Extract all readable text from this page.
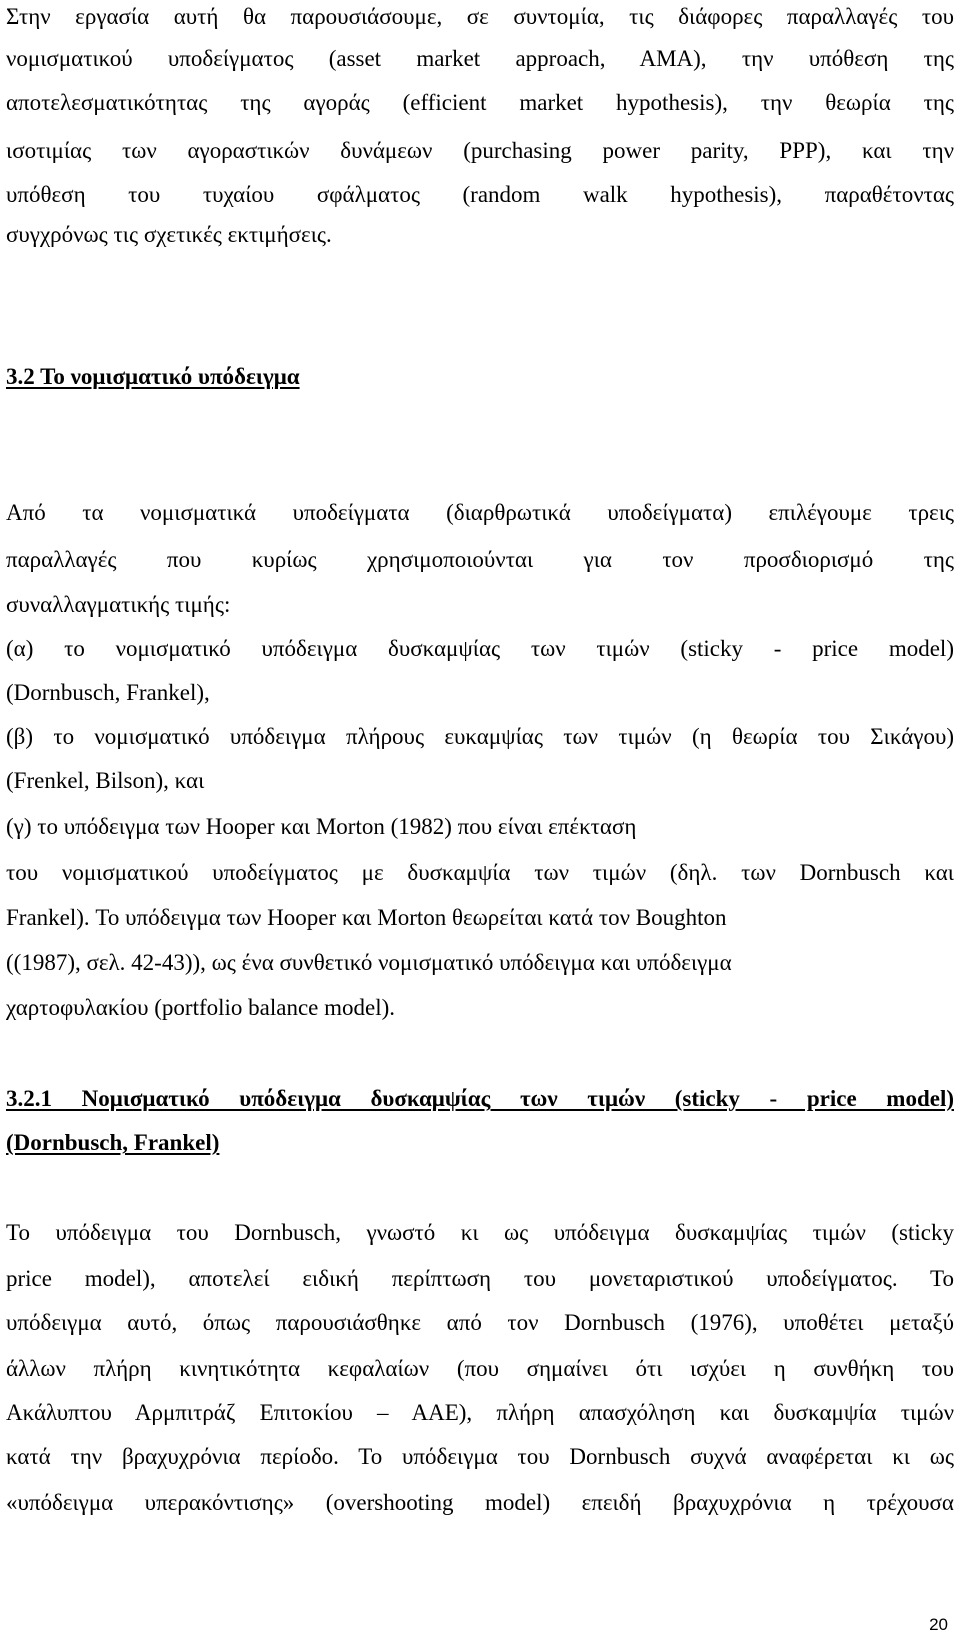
Στην εργασία αυτή θα παρουσιάσουμε, σε συντομία, τις διάφορες παραλλαγές του
νομισματικού υποδείγματος (asset market approach, AMA), την υπόθεση της
αποτελεσματικότητας της αγοράς (efficient market hypothesis), την θεωρία της
ισοτιμίας των αγοραστικών δυνάμεων (purchasing power parity, PPP), και την
υπόθεση του τυχαίου σφάλματος (random walk hypothesis), παραθέτοντας
συγχρόνως τις σχετικές εκτιμήσεις.
3.2 Το νομισματικό υπόδειγμα
Από τα νομισματικά υποδείγματα (διαρθρωτικά υποδείγματα) επιλέγουμε τρεις
παραλλαγές που κυρίως χρησιμοποιούνται για τον προσδιορισμό της
συναλλαγματικής τιμής:
(α) το νομισματικό υπόδειγμα δυσκαμψίας των τιμών (sticky - price model)
(Dornbusch, Frankel),
(β) το νομισματικό υπόδειγμα πλήρους ευκαμψίας των τιμών (η θεωρία του Σικάγου)
(Frenkel, Bilson), και
(γ) το υπόδειγμα των Hooper και Morton (1982) που είναι επέκταση
του νομισματικού υποδείγματος με δυσκαμψία των τιμών (δηλ. των Dornbusch και
Frankel). Το υπόδειγμα των Hooper και Morton θεωρείται κατά τον Boughton
((1987), σελ. 42-43)), ως ένα συνθετικό νομισματικό υπόδειγμα και υπόδειγμα
χαρτοφυλακίου (portfolio balance model).
3.2.1 Νομισματικό υπόδειγμα δυσκαμψίας των τιμών (sticky - price model)
(Dornbusch, Frankel)
Το υπόδειγμα του Dornbusch, γνωστό κι ως υπόδειγμα δυσκαμψίας τιμών (sticky
price model), αποτελεί ειδική περίπτωση του μονεταριστικού υποδείγματος. Το
υπόδειγμα αυτό, όπως παρουσιάσθηκε από τον Dornbusch (1976), υποθέτει μεταξύ
άλλων πλήρη κινητικότητα κεφαλαίων (που σημαίνει ότι ισχύει η συνθήκη του
Ακάλυπτου Αρμπιτράζ Επιτοκίου – ΑΑΕ), πλήρη απασχόληση και δυσκαμψία τιμών
κατά την βραχυχρόνια περίοδο. Το υπόδειγμα του Dornbusch συχνά αναφέρεται κι ως
«υπόδειγμα υπερακόντισης» (overshooting model) επειδή βραχυχρόνια η τρέχουσα
20
